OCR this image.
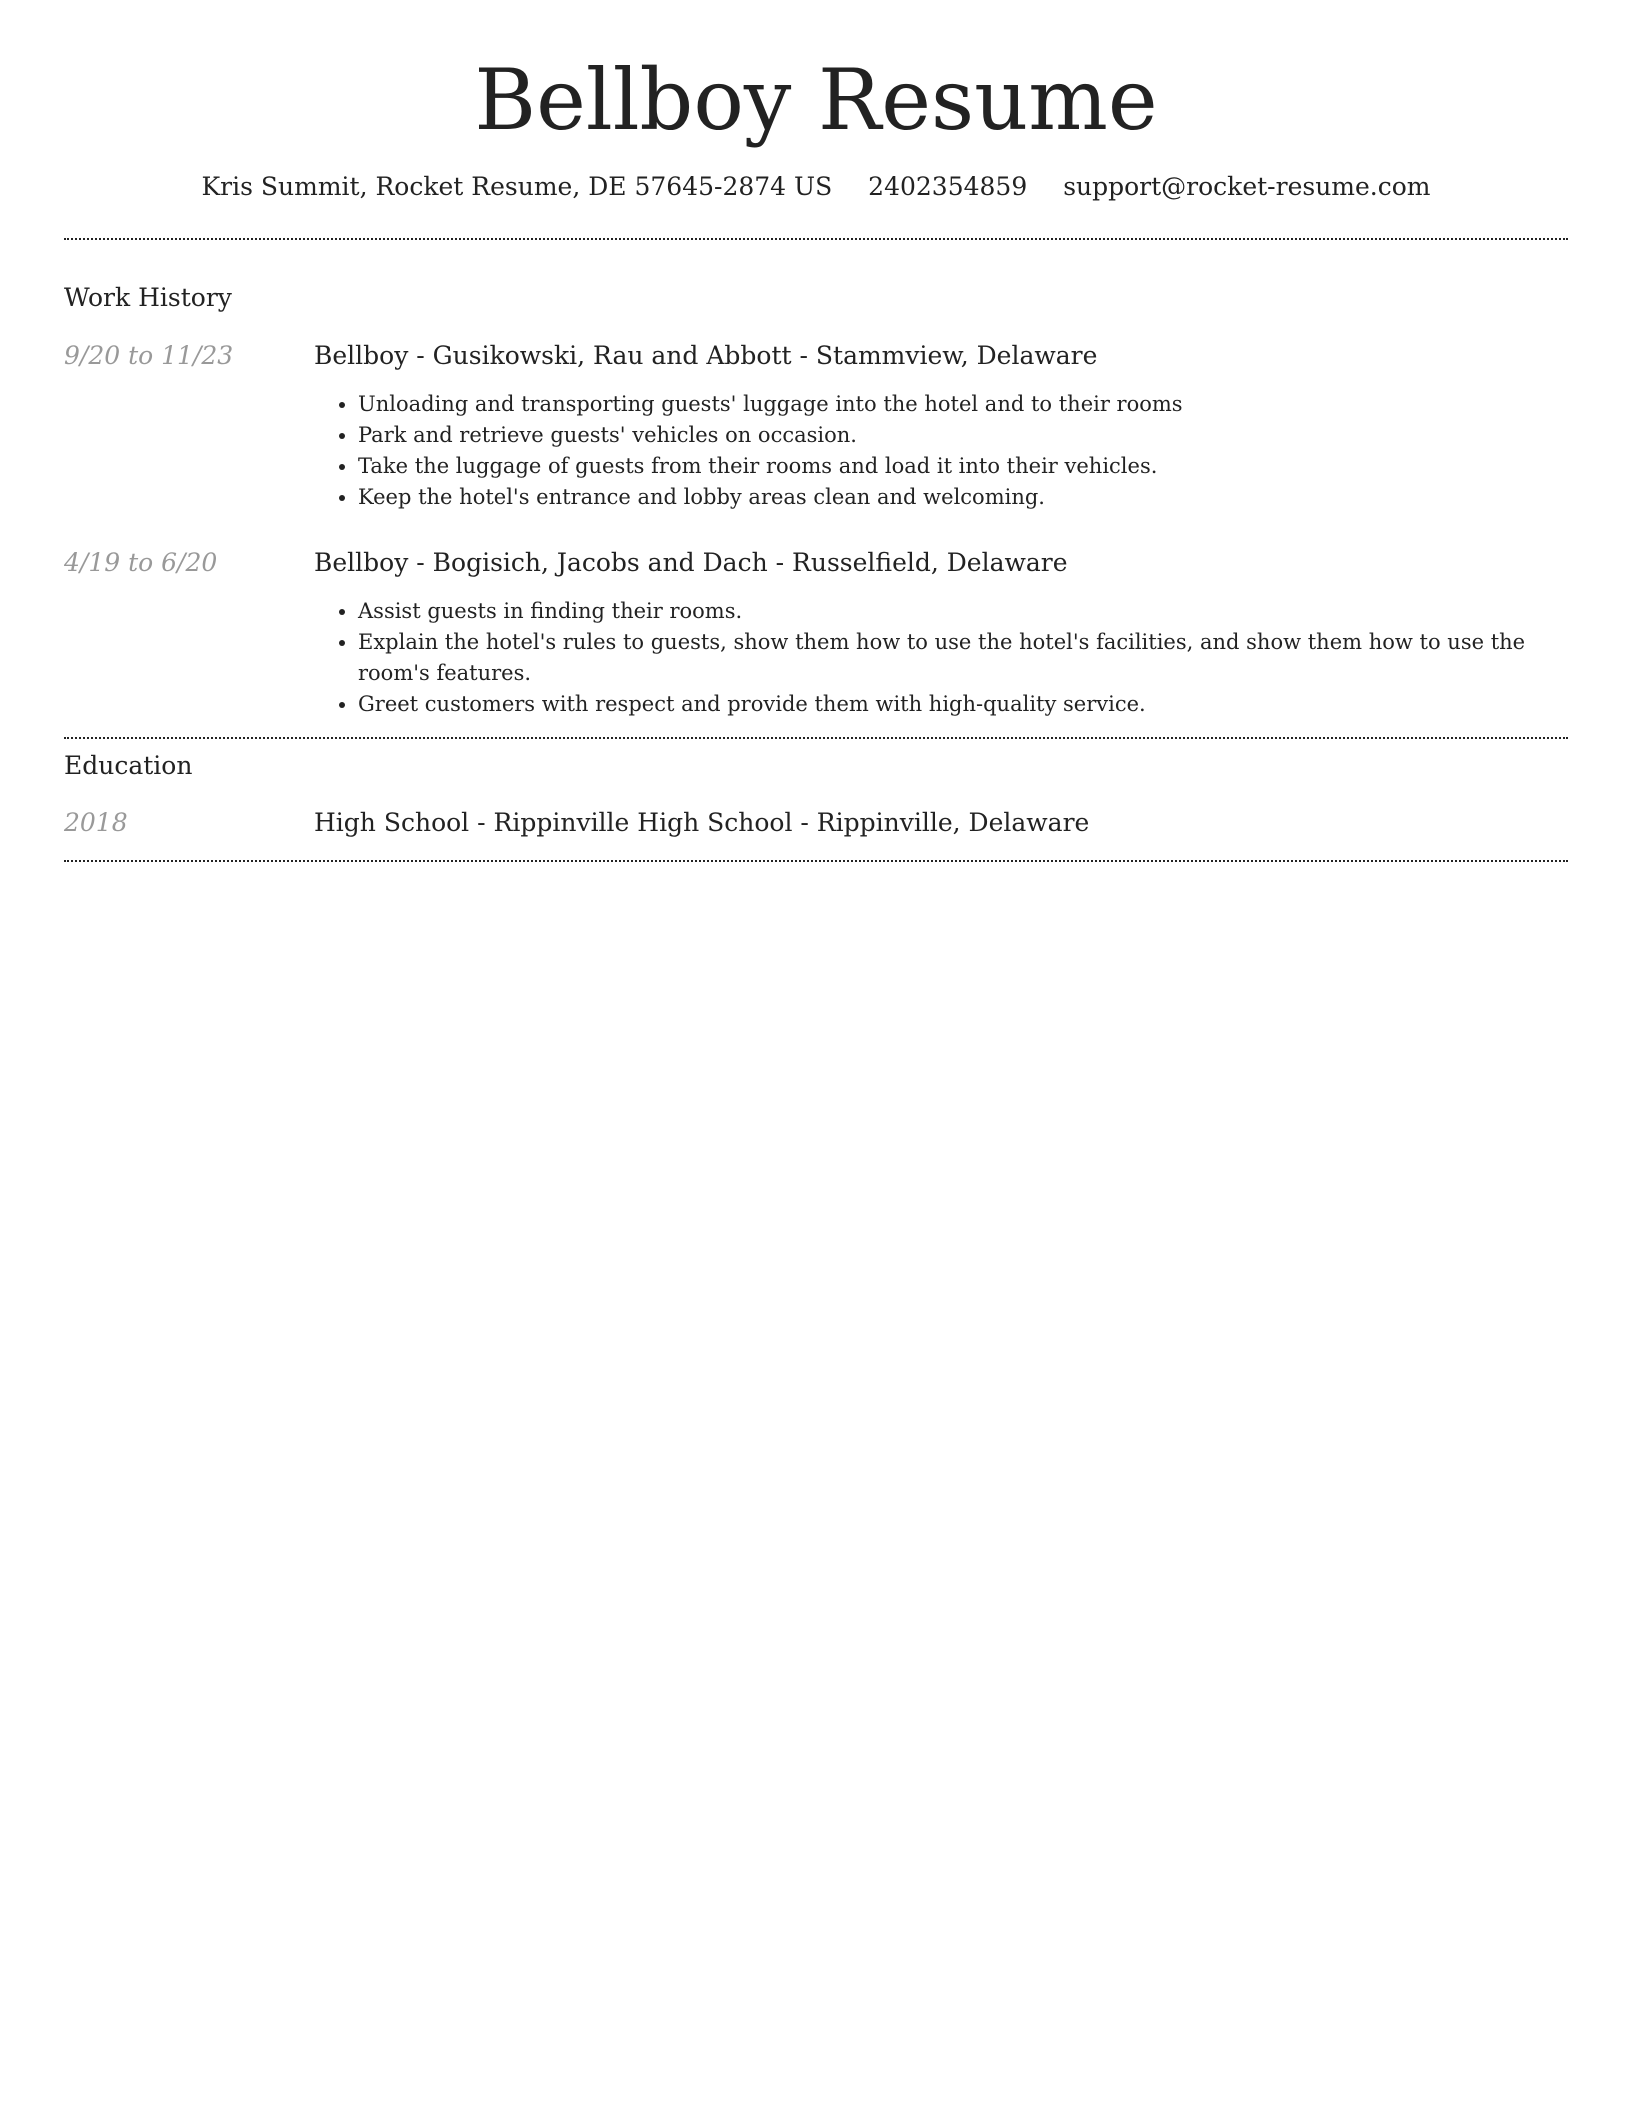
Bellboy Resume
Kris Summit, Rocket Resume, DE 57645-2874 US 2402354859 support@rocket-resume.com
Work History
9/20 to 11/23	Bellboy - Gusikowski, Rau and Abbott - Stammview, Delaware
• Unloading and transporting guests' luggage into the hotel and to their rooms
• Park and retrieve guests' vehicles on occasion.
• Take the luggage of guests from their rooms and load it into their vehicles.
• Keep the hotel's entrance and lobby areas clean and welcoming.
4/19 to 6/20	Bellboy - Bogisich, Jacobs and Dach - Russelfield, Delaware
• Assist guests in finding their rooms.
• Explain the hotel's rules to guests, show them how to use the hotel's facilities, and show them how to use the room's features.
• Greet customers with respect and provide them with high-quality service.
Education
2018	High School - Rippinville High School - Rippinville, Delaware
